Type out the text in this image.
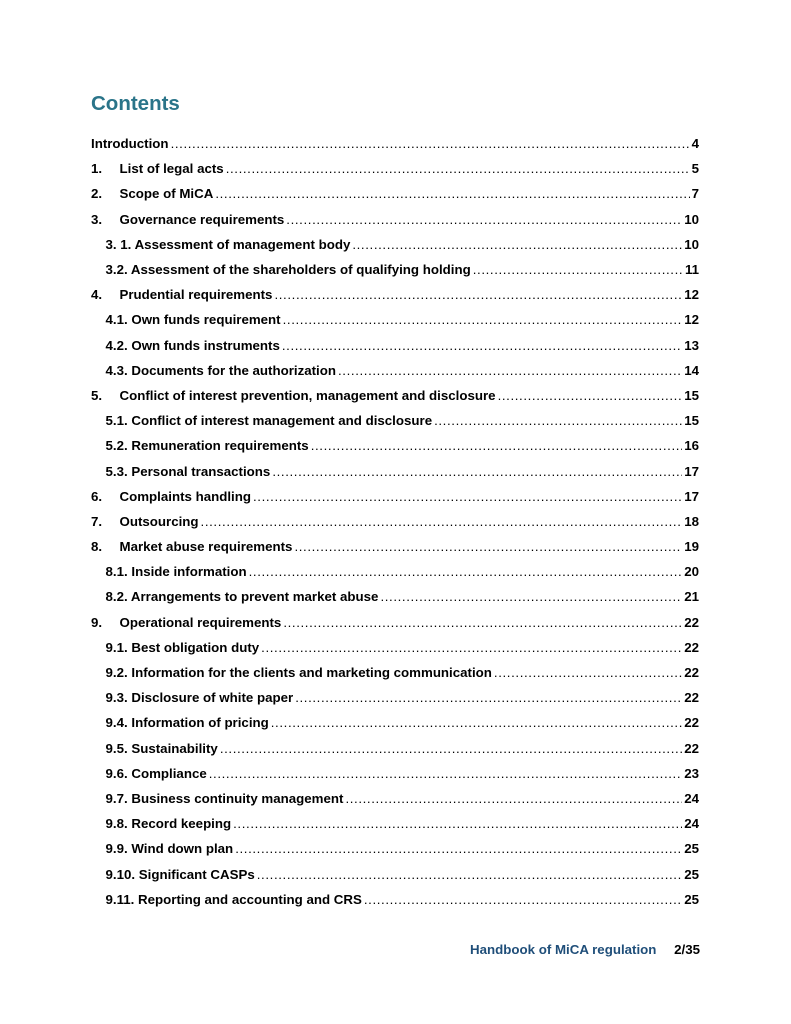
Contents
Introduction .....	4
1.	List of legal acts .....	5
2.	Scope of MiCA .....	7
3.	Governance requirements .....	10
3. 1. Assessment of management body .....	10
3.2. Assessment of the shareholders of qualifying holding .....	11
4.	Prudential requirements .....	12
4.1. Own funds requirement .....	12
4.2. Own funds instruments .....	13
4.3. Documents for the authorization .....	14
5.	Conflict of interest prevention, management and disclosure .....	15
5.1. Conflict of interest management and disclosure .....	15
5.2. Remuneration requirements .....	16
5.3. Personal transactions .....	17
6.	Complaints handling .....	17
7.	Outsourcing .....	18
8.	Market abuse requirements .....	19
8.1. Inside information .....	20
8.2. Arrangements to prevent market abuse .....	21
9.	Operational requirements .....	22
9.1. Best obligation duty .....	22
9.2. Information for the clients and marketing communication .....	22
9.3. Disclosure of white paper .....	22
9.4. Information of pricing .....	22
9.5. Sustainability .....	22
9.6. Compliance .....	23
9.7. Business continuity management .....	24
9.8. Record keeping .....	24
9.9. Wind down plan .....	25
9.10. Significant CASPs .....	25
9.11. Reporting and accounting and CRS .....	25
Handbook of MiCA regulation 2/35
